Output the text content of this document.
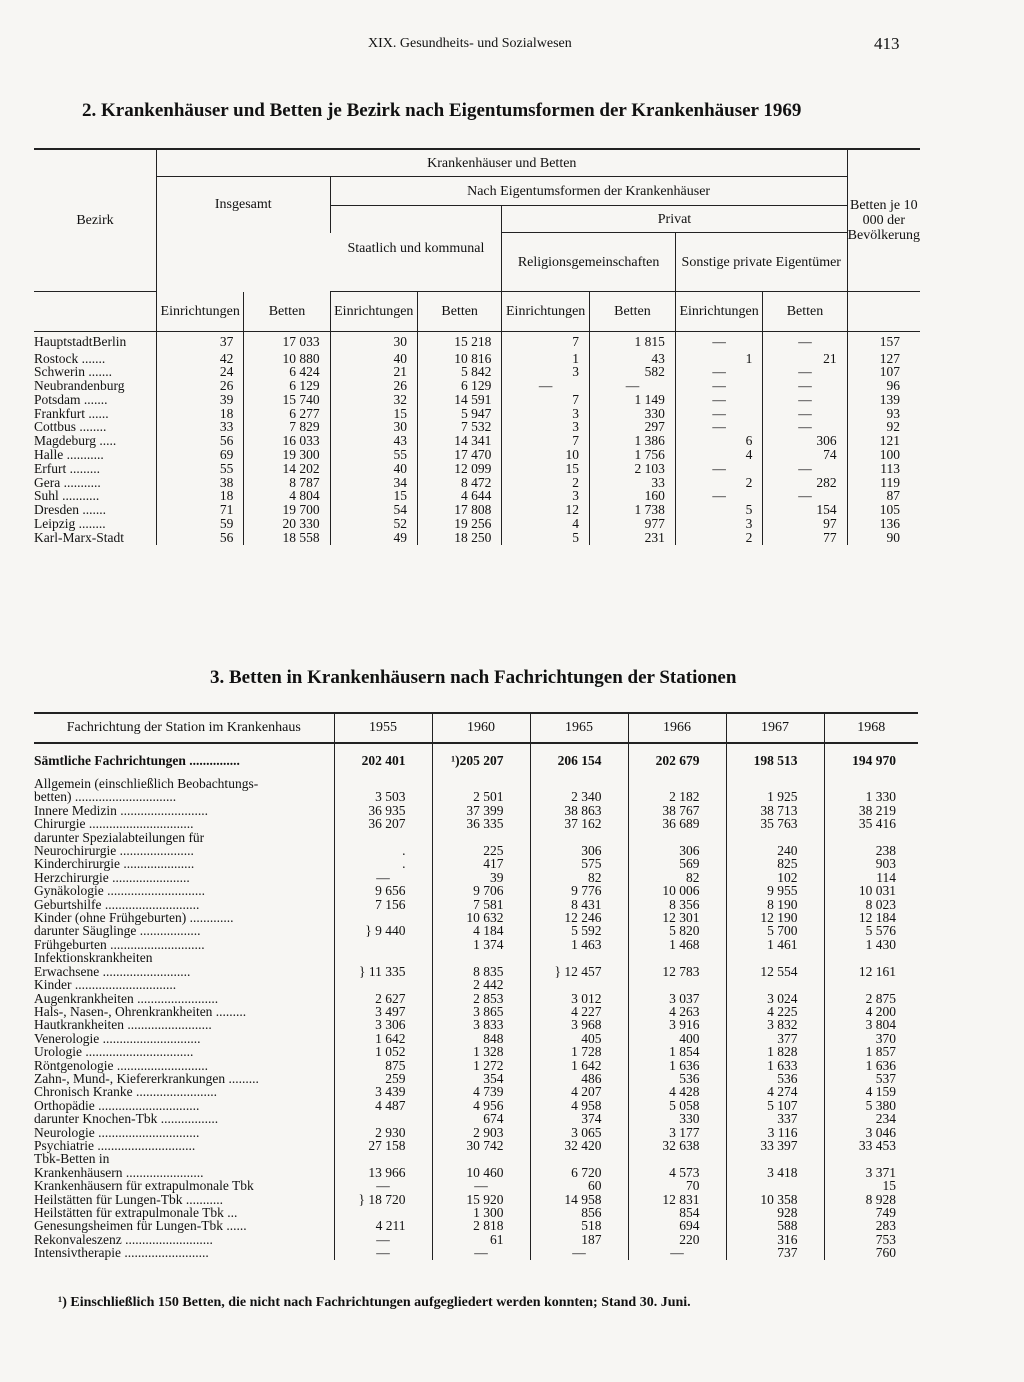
XIX. Gesundheits- und Sozialwesen	413
2. Krankenhäuser und Betten je Bezirk nach Eigentumsformen der Krankenhäuser 1969
Bezirk	Krankenhäuser und Betten								Betten je 10 000 der Bevölkerung
	Insgesamt		Nach Eigentumsformen der Krankenhäuser						
			Staatlich und kommunal		Privat				
					Religionsgemeinschaften		Sonstige private Eigentümer		
	Einrichtungen	Betten	Einrichtungen	Betten	Einrichtungen	Betten	Einrichtungen	Betten	
HauptstadtBerlin	37	17 033	30	15 218	7	1 815	—	—	157
Rostock .......	42	10 880	40	10 816	1	43	1	21	127
Schwerin .......	24	6 424	21	5 842	3	582	—	—	107
Neubrandenburg	26	6 129	26	6 129	—	—	—	—	96
Potsdam .......	39	15 740	32	14 591	7	1 149	—	—	139
Frankfurt ......	18	6 277	15	5 947	3	330	—	—	93
Cottbus ........	33	7 829	30	7 532	3	297	—	—	92
Magdeburg .....	56	16 033	43	14 341	7	1 386	6	306	121
Halle ...........	69	19 300	55	17 470	10	1 756	4	74	100
Erfurt .........	55	14 202	40	12 099	15	2 103	—	—	113
Gera ...........	38	8 787	34	8 472	2	33	2	282	119
Suhl ...........	18	4 804	15	4 644	3	160	—	—	87
Dresden .......	71	19 700	54	17 808	12	1 738	5	154	105
Leipzig ........	59	20 330	52	19 256	4	977	3	97	136
Karl-Marx-Stadt	56	18 558	49	18 250	5	231	2	77	90
3. Betten in Krankenhäusern nach Fachrichtungen der Stationen
Fachrichtung der Station im Krankenhaus	1955	1960	1965	1966	1967	1968
Sämtliche Fachrichtungen ...............	202 401	¹)205 207	206 154	202 679	198 513	194 970
Allgemein (einschließlich Beobachtungs-						
betten) ..............................	3 503	2 501	2 340	2 182	1 925	1 330
Innere Medizin ..........................	36 935	37 399	38 863	38 767	38 713	38 219
Chirurgie ...............................	36 207	36 335	37 162	36 689	35 763	35 416
darunter Spezialabteilungen für						
Neurochirurgie ......................	.	225	306	306	240	238
Kinderchirurgie .....................	.	417	575	569	825	903
Herzchirurgie .......................	—	39	82	82	102	114
Gynäkologie .............................	9 656	9 706	9 776	10 006	9 955	10 031
Geburtshilfe ............................	7 156	7 581	8 431	8 356	8 190	8 023
Kinder (ohne Frühgeburten) .............		10 632	12 246	12 301	12 190	12 184
darunter Säuglinge ..................	} 9 440	4 184	5 592	5 820	5 700	5 576
Frühgeburten ............................		1 374	1 463	1 468	1 461	1 430
Infektionskrankheiten						
Erwachsene ..........................	} 11 335	8 835	} 12 457	12 783	12 554	12 161
Kinder ..............................		2 442				
Augenkrankheiten ........................	2 627	2 853	3 012	3 037	3 024	2 875
Hals-, Nasen-, Ohrenkrankheiten .........	3 497	3 865	4 227	4 263	4 225	4 200
Hautkrankheiten .........................	3 306	3 833	3 968	3 916	3 832	3 804
Venerologie .............................	1 642	848	405	400	377	370
Urologie ................................	1 052	1 328	1 728	1 854	1 828	1 857
Röntgenologie ...........................	875	1 272	1 642	1 636	1 633	1 636
Zahn-, Mund-, Kiefererkrankungen .........	259	354	486	536	536	537
Chronisch Kranke ........................	3 439	4 739	4 207	4 428	4 274	4 159
Orthopädie ..............................	4 487	4 956	4 958	5 058	5 107	5 380
darunter Knochen-Tbk .................		674	374	330	337	234
Neurologie ..............................	2 930	2 903	3 065	3 177	3 116	3 046
Psychiatrie .............................	27 158	30 742	32 420	32 638	33 397	33 453
Tbk-Betten in						
Krankenhäusern .......................	13 966	10 460	6 720	4 573	3 418	3 371
Krankenhäusern für extrapulmonale Tbk	—	—	60	70		15
Heilstätten für Lungen-Tbk ...........	} 18 720	15 920	14 958	12 831	10 358	8 928
Heilstätten für extrapulmonale Tbk ...		1 300	856	854	928	749
Genesungsheimen für Lungen-Tbk ......	4 211	2 818	518	694	588	283
Rekonvaleszenz ..........................	—	61	187	220	316	753
Intensivtherapie .........................	—	—	—	—	737	760
¹) Einschließlich 150 Betten, die nicht nach Fachrichtungen aufgegliedert werden konnten; Stand 30. Juni.
